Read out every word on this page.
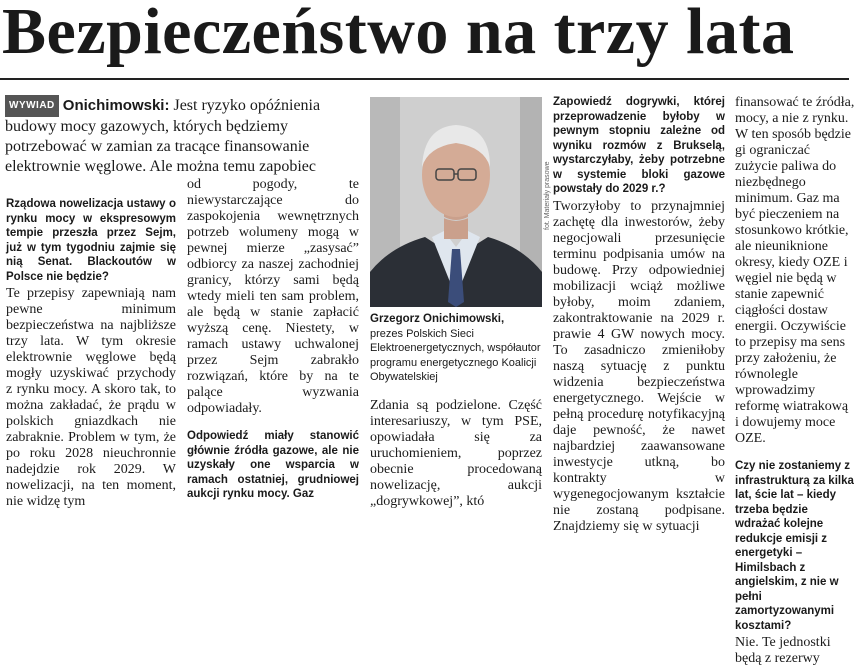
Bezpieczeństwo na trzy lata
WYWIAD Onichimowski: Jest ryzyko opóźnienia budowy mocy gazowych, których będziemy potrzebować w zamian za tracące finansowanie elektrownie węglowe. Ale można temu zapobiec

Rządowa nowelizacja ustawy o rynku mocy w ekspresowym tempie przeszła przez Sejm, już w tym tygodniu zajmie się nią Senat. Blackoutów w Polsce nie będzie?

Te przepisy zapewniają nam pewne minimum bezpieczeństwa na najbliższe trzy lata. W tym okresie elektrownie węglowe będą mogły uzyskiwać przychody z rynku mocy. A skoro tak, to można zakładać, że prądu w polskich gniazdkach nie zabraknie. Problem w tym, że po roku 2028 nieuchronnie nadejdzie rok 2029. W nowelizacji, na ten moment, nie widzę tym

od pogody, te niewystarczające do zaspokojenia wewnętrznych potrzeb wolumeny mogą w pewnej mierze „zasysać” odbiorcy za naszej zachodniej granicy, którzy sami będą wtedy mieli ten sam problem, ale będą w stanie zapłacić wyższą cenę. Niestety, w ramach ustawy uchwalonej przez Sejm zabrakło rozwiązań, które by na te palące wyzwania odpowiadały.

Odpowiedź miały stanowić głównie źródła gazowe, ale nie uzyskały one wsparcia w ramach ostatniej, grudniowej aukcji rynku mocy. Gaz

fot. Materiały prasowe
Grzegorz Onichimowski,
prezes Polskich Sieci Elektroenergetycznych, współautor programu energetycznego Koalicji Obywatelskiej

Zdania są podzielone. Część interesariuszy, w tym PSE, opowiadała się za uruchomieniem, poprzez obecnie procedowaną nowelizację, aukcji „dogrywkowej”, któ

Zapowiedź dogrywki, której przeprowadzenie byłoby w pewnym stopniu zależne od wyniku rozmów z Brukselą, wystarczyłaby, żeby potrzebne w systemie bloki gazowe powstały do 2029 r.?

Tworzyłoby to przynajmniej zachętę dla inwestorów, żeby negocjowali przesunięcie terminu podpisania umów na budowę. Przy odpowiedniej mobilizacji wciąż możliwe byłoby, moim zdaniem, zakontraktowanie na 2029 r. prawie 4 GW nowych mocy. To zasadniczo zmieniłoby naszą sytuację z punktu widzenia bezpieczeństwa energetycznego. Wejście w pełną procedurę notyfikacyjną daje pewność, że nawet najbardziej zaawansowane inwestycje utkną, bo kontrakty w wygenegocjowanym kształcie nie zostaną podpisane. Znajdziemy się w sytuacji

finansować te źródła, mocy, a nie z rynku. W ten sposób będzie gi ograniczać zużycie paliwa do niezbędnego minimum. Gaz ma być pieczeniem na stosunkowo krótkie, ale nieuniknione okresy, kiedy OZE i węgiel nie będą w stanie zapewnić ciągłości dostaw energii. Oczywiście to przepisy ma sens przy założeniu, że równolegle wprowadzimy reformę wiatrakową i dowujemy moce OZE.

Czy nie zostaniemy z infrastrukturą za kilka lat, ście lat – kiedy trzeba będzie wdrażać kolejne redukcje emisji z energetyki – Himilsbach z angielskim, z nie w pełni zamortyzowanymi kosztami?

Nie. Te jednostki będą z rezerwy
